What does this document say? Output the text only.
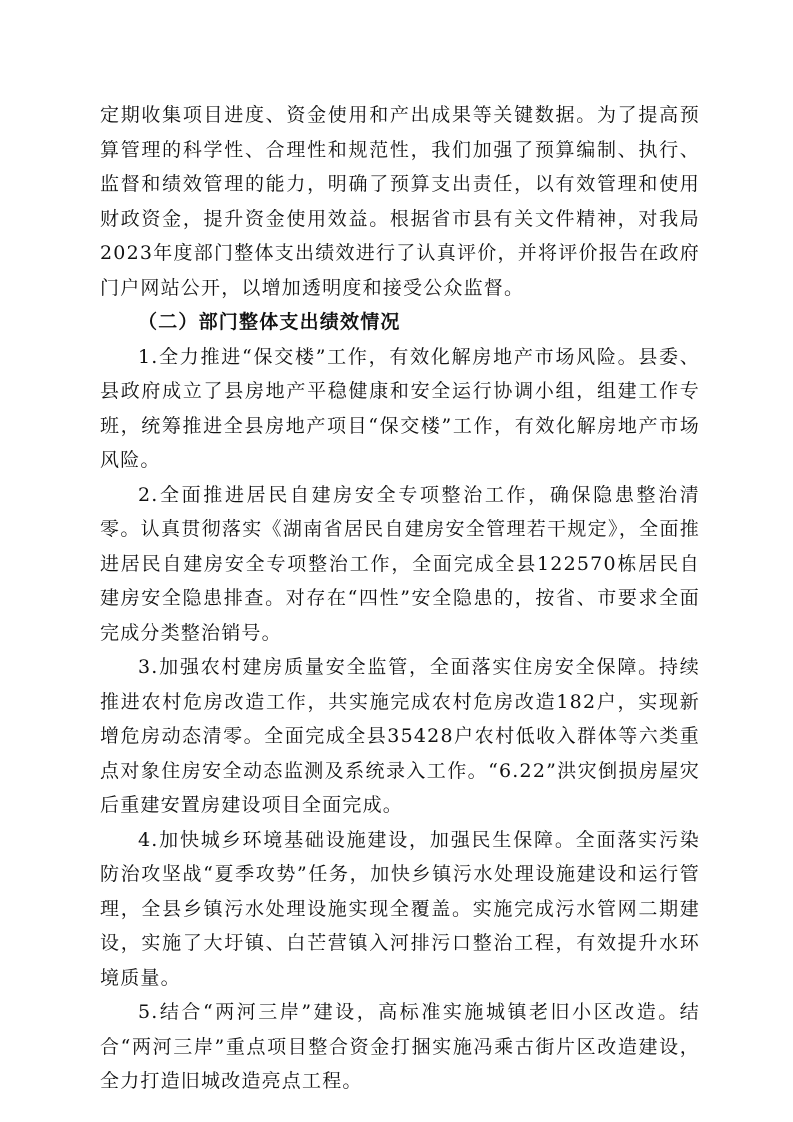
定期收集项目进度、资金使用和产出成果等关键数据。为了提高预算管理的科学性、合理性和规范性，我们加强了预算编制、执行、监督和绩效管理的能力，明确了预算支出责任，以有效管理和使用财政资金，提升资金使用效益。根据省市县有关文件精神，对我局2023年度部门整体支出绩效进行了认真评价，并将评价报告在政府门户网站公开，以增加透明度和接受公众监督。

（二）部门整体支出绩效情况

1.全力推进“保交楼”工作，有效化解房地产市场风险。县委、县政府成立了县房地产平稳健康和安全运行协调小组，组建工作专班，统筹推进全县房地产项目“保交楼”工作，有效化解房地产市场风险。

2.全面推进居民自建房安全专项整治工作，确保隐患整治清零。认真贯彻落实《湖南省居民自建房安全管理若干规定》，全面推进居民自建房安全专项整治工作，全面完成全县122570栋居民自建房安全隐患排查。对存在“四性”安全隐患的，按省、市要求全面完成分类整治销号。

3.加强农村建房质量安全监管，全面落实住房安全保障。持续推进农村危房改造工作，共实施完成农村危房改造182户，实现新增危房动态清零。全面完成全县35428户农村低收入群体等六类重点对象住房安全动态监测及系统录入工作。“6.22”洪灾倒损房屋灾后重建安置房建设项目全面完成。

4.加快城乡环境基础设施建设，加强民生保障。全面落实污染防治攻坚战“夏季攻势”任务，加快乡镇污水处理设施建设和运行管理，全县乡镇污水处理设施实现全覆盖。实施完成污水管网二期建设，实施了大圩镇、白芒营镇入河排污口整治工程，有效提升水环境质量。

5.结合“两河三岸”建设，高标准实施城镇老旧小区改造。结合“两河三岸”重点项目整合资金打捆实施冯乘古街片区改造建设，全力打造旧城改造亮点工程。
